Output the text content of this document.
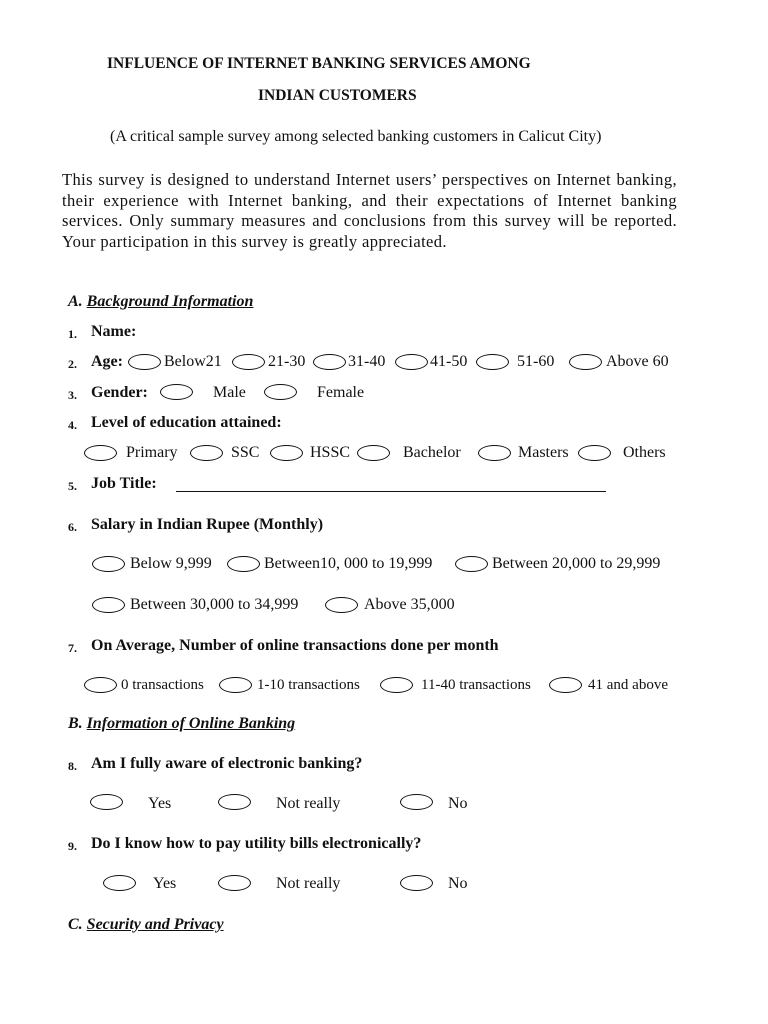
INFLUENCE OF INTERNET BANKING SERVICES AMONG
INDIAN CUSTOMERS
(A critical sample survey among selected banking customers in Calicut City)
This survey is designed to understand Internet users’ perspectives on Internet banking, their experience with Internet banking, and their expectations of Internet banking services. Only summary measures and conclusions from this survey will be reported. Your participation in this survey is greatly appreciated.
A. Background Information
1. Name:
2. Age:	Below21	21-30	31-40	41-50	51-60	Above 60
3. Gender:	Male	Female
4. Level of education attained:
Primary	SSC	HSSC	Bachelor	Masters	Others
5. Job Title:
6. Salary in Indian Rupee (Monthly)
Below 9,999	Between10, 000 to 19,999	Between 20,000 to 29,999
Between 30,000 to 34,999	Above 35,000
7. On Average, Number of online transactions done per month
0 transactions	1-10 transactions	11-40 transactions	41 and above
B. Information of Online Banking
8. Am I fully aware of electronic banking?
Yes	Not really	No
9. Do I know how to pay utility bills electronically?
Yes	Not really	No
C. Security and Privacy
